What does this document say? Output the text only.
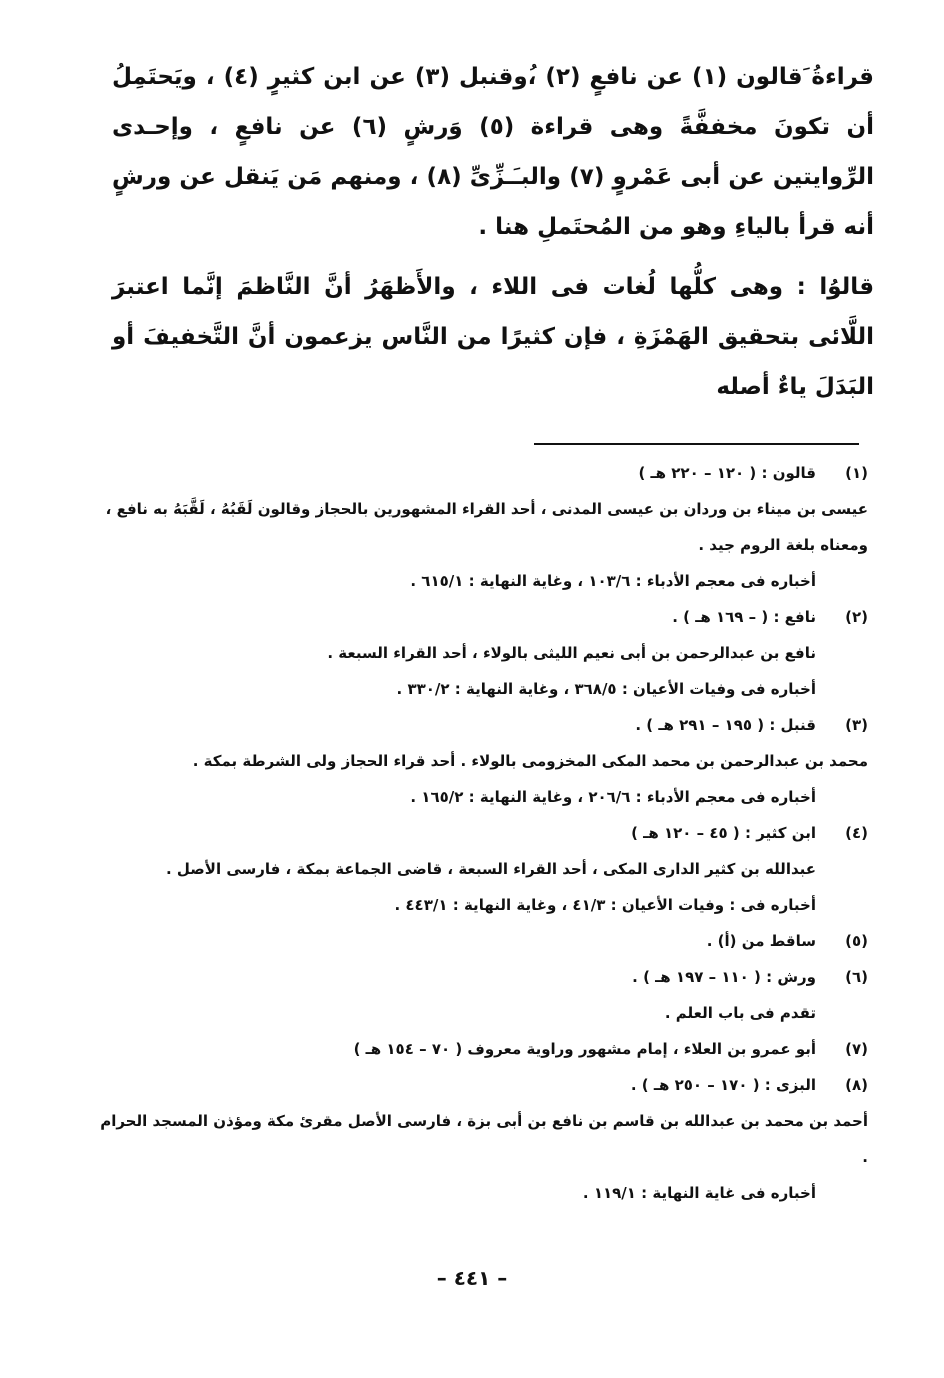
قراءةُ َقالون (١) عن نافعٍ (٢) ،ُوقنبل (٣) عن ابن كثيرٍ (٤) ، ويَحتَمِلُ أن تكونَ مخففَّةً وهى قراءة (٥) وَرشٍ (٦) عن نافعٍ ، وإحـدى الرِّوايتين عن أبى عَمْروٍ (٧) والبـَـزِّىِّ (٨) ، ومنهم مَن يَنقل عن ورشٍ أنه قرأ بالياءِ وهو من المُحتَملِ هنا .

قالوُا : وهى كلُّها لُغات فى اللاء ، والأَظهَرُ أنَّ النَّاظمَ إنَّما اعتبرَ اللَّائى بتحقيق الهَمْزَةِ ، فإن كثيرًا من النَّاس يزعمون أنَّ التَّخفيفَ أو البَدَلَ ياءٌ أصله

(١)
قالون : ( ١٢٠ – ٢٢٠ هـ )
عيسى بن ميناء بن وردان بن عيسى المدنى ، أحد القراء المشهورين بالحجاز وقالون لَقَبُهُ ، لَقَّبَهُ به نافع ، ومعناه بلغة الروم جيد .
أخباره فى معجم الأدباء : ١٠٣/٦ ، وغاية النهاية : ٦١٥/١ .
(٢)
نافع : ( – ١٦٩ هـ ) .
نافع بن عبدالرحمن بن أبى نعيم الليثى بالولاء ، أحد القراء السبعة .
أخباره فى وفيات الأعيان : ٣٦٨/٥ ، وغاية النهاية : ٣٣٠/٢ .
(٣)
قنبل : ( ١٩٥ – ٢٩١ هـ ) .
محمد بن عبدالرحمن بن محمد المكى المخزومى بالولاء . أحد قراء الحجاز ولى الشرطة بمكة .
أخباره فى معجم الأدباء : ٢٠٦/٦ ، وغاية النهاية : ١٦٥/٢ .
(٤)
ابن كثير : ( ٤٥ – ١٢٠ هـ )
عبدالله بن كثير الدارى المكى ، أحد القراء السبعة ، قاضى الجماعة بمكة ، فارسى الأصل .
أخباره فى : وفيات الأعيان : ٤١/٣ ، وغاية النهاية : ٤٤٣/١ .
(٥)
ساقط من (أ) .
(٦)
ورش : ( ١١٠ – ١٩٧ هـ ) .
تقدم فى باب العلم .
(٧)
أبو عمرو بن العلاء ، إمام مشهور وراوية معروف ( ٧٠ – ١٥٤ هـ )
(٨)
البزى : ( ١٧٠ – ٢٥٠ هـ ) .
أحمد بن محمد بن عبدالله بن قاسم بن نافع بن أبى بزة ، فارسى الأصل مقرئ مكة ومؤذن المسجد الحرام .
أخباره فى غاية النهاية : ١١٩/١ .
– ٤٤١ –
